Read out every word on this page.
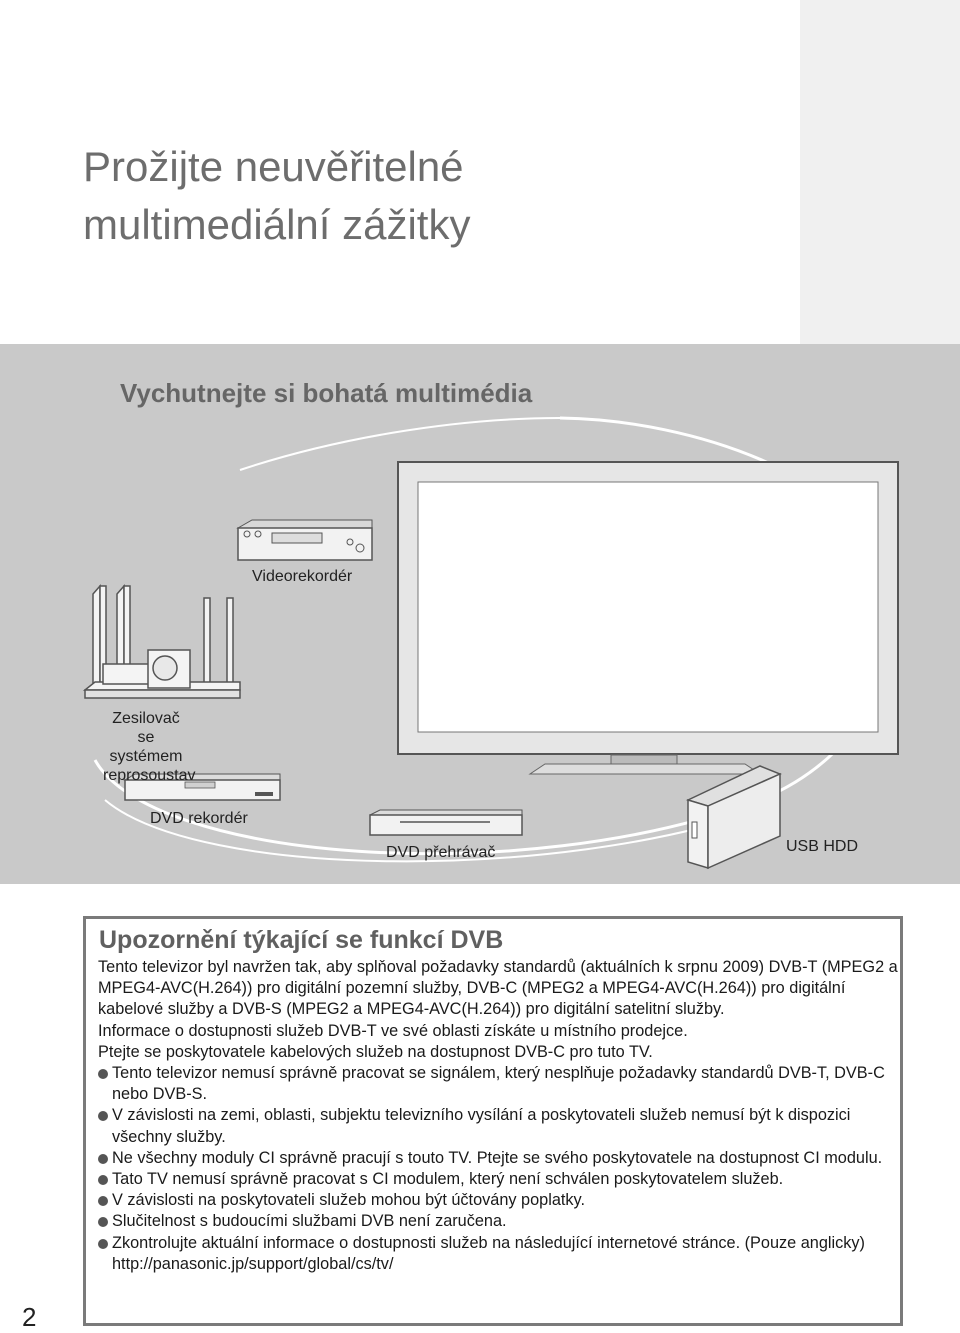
Prožijte neuvěřitelné
multimediální zážitky
Vychutnejte si bohatá multimédia
Videorekordér
Zesilovač se
systémem
reprosoustav
DVD rekordér
DVD přehrávač	USB HDD
Upozornění týkající se funkcí DVB

Tento televizor byl navržen tak, aby splňoval požadavky standardů (aktuálních k srpnu 2009) DVB-T (MPEG2 a MPEG4-AVC(H.264)) pro digitální pozemní služby, DVB-C (MPEG2 a MPEG4-AVC(H.264)) pro digitální kabelové služby a DVB-S (MPEG2 a MPEG4-AVC(H.264)) pro digitální satelitní služby.

Informace o dostupnosti služeb DVB-T ve své oblasti získáte u místního prodejce.

Ptejte se poskytovatele kabelových služeb na dostupnost DVB-C pro tuto TV.

Tento televizor nemusí správně pracovat se signálem, který nesplňuje požadavky standardů DVB-T, DVB-C nebo DVB-S.
V závislosti na zemi, oblasti, subjektu televizního vysílání a poskytovateli služeb nemusí být k dispozici všechny služby.
Ne všechny moduly CI správně pracují s touto TV. Ptejte se svého poskytovatele na dostupnost CI modulu.
Tato TV nemusí správně pracovat s CI modulem, který není schválen poskytovatelem služeb.
V závislosti na poskytovateli služeb mohou být účtovány poplatky.
Slučitelnost s budoucími službami DVB není zaručena.
Zkontrolujte aktuální informace o dostupnosti služeb na následující internetové stránce. (Pouze anglicky)
http://panasonic.jp/support/global/cs/tv/
2
